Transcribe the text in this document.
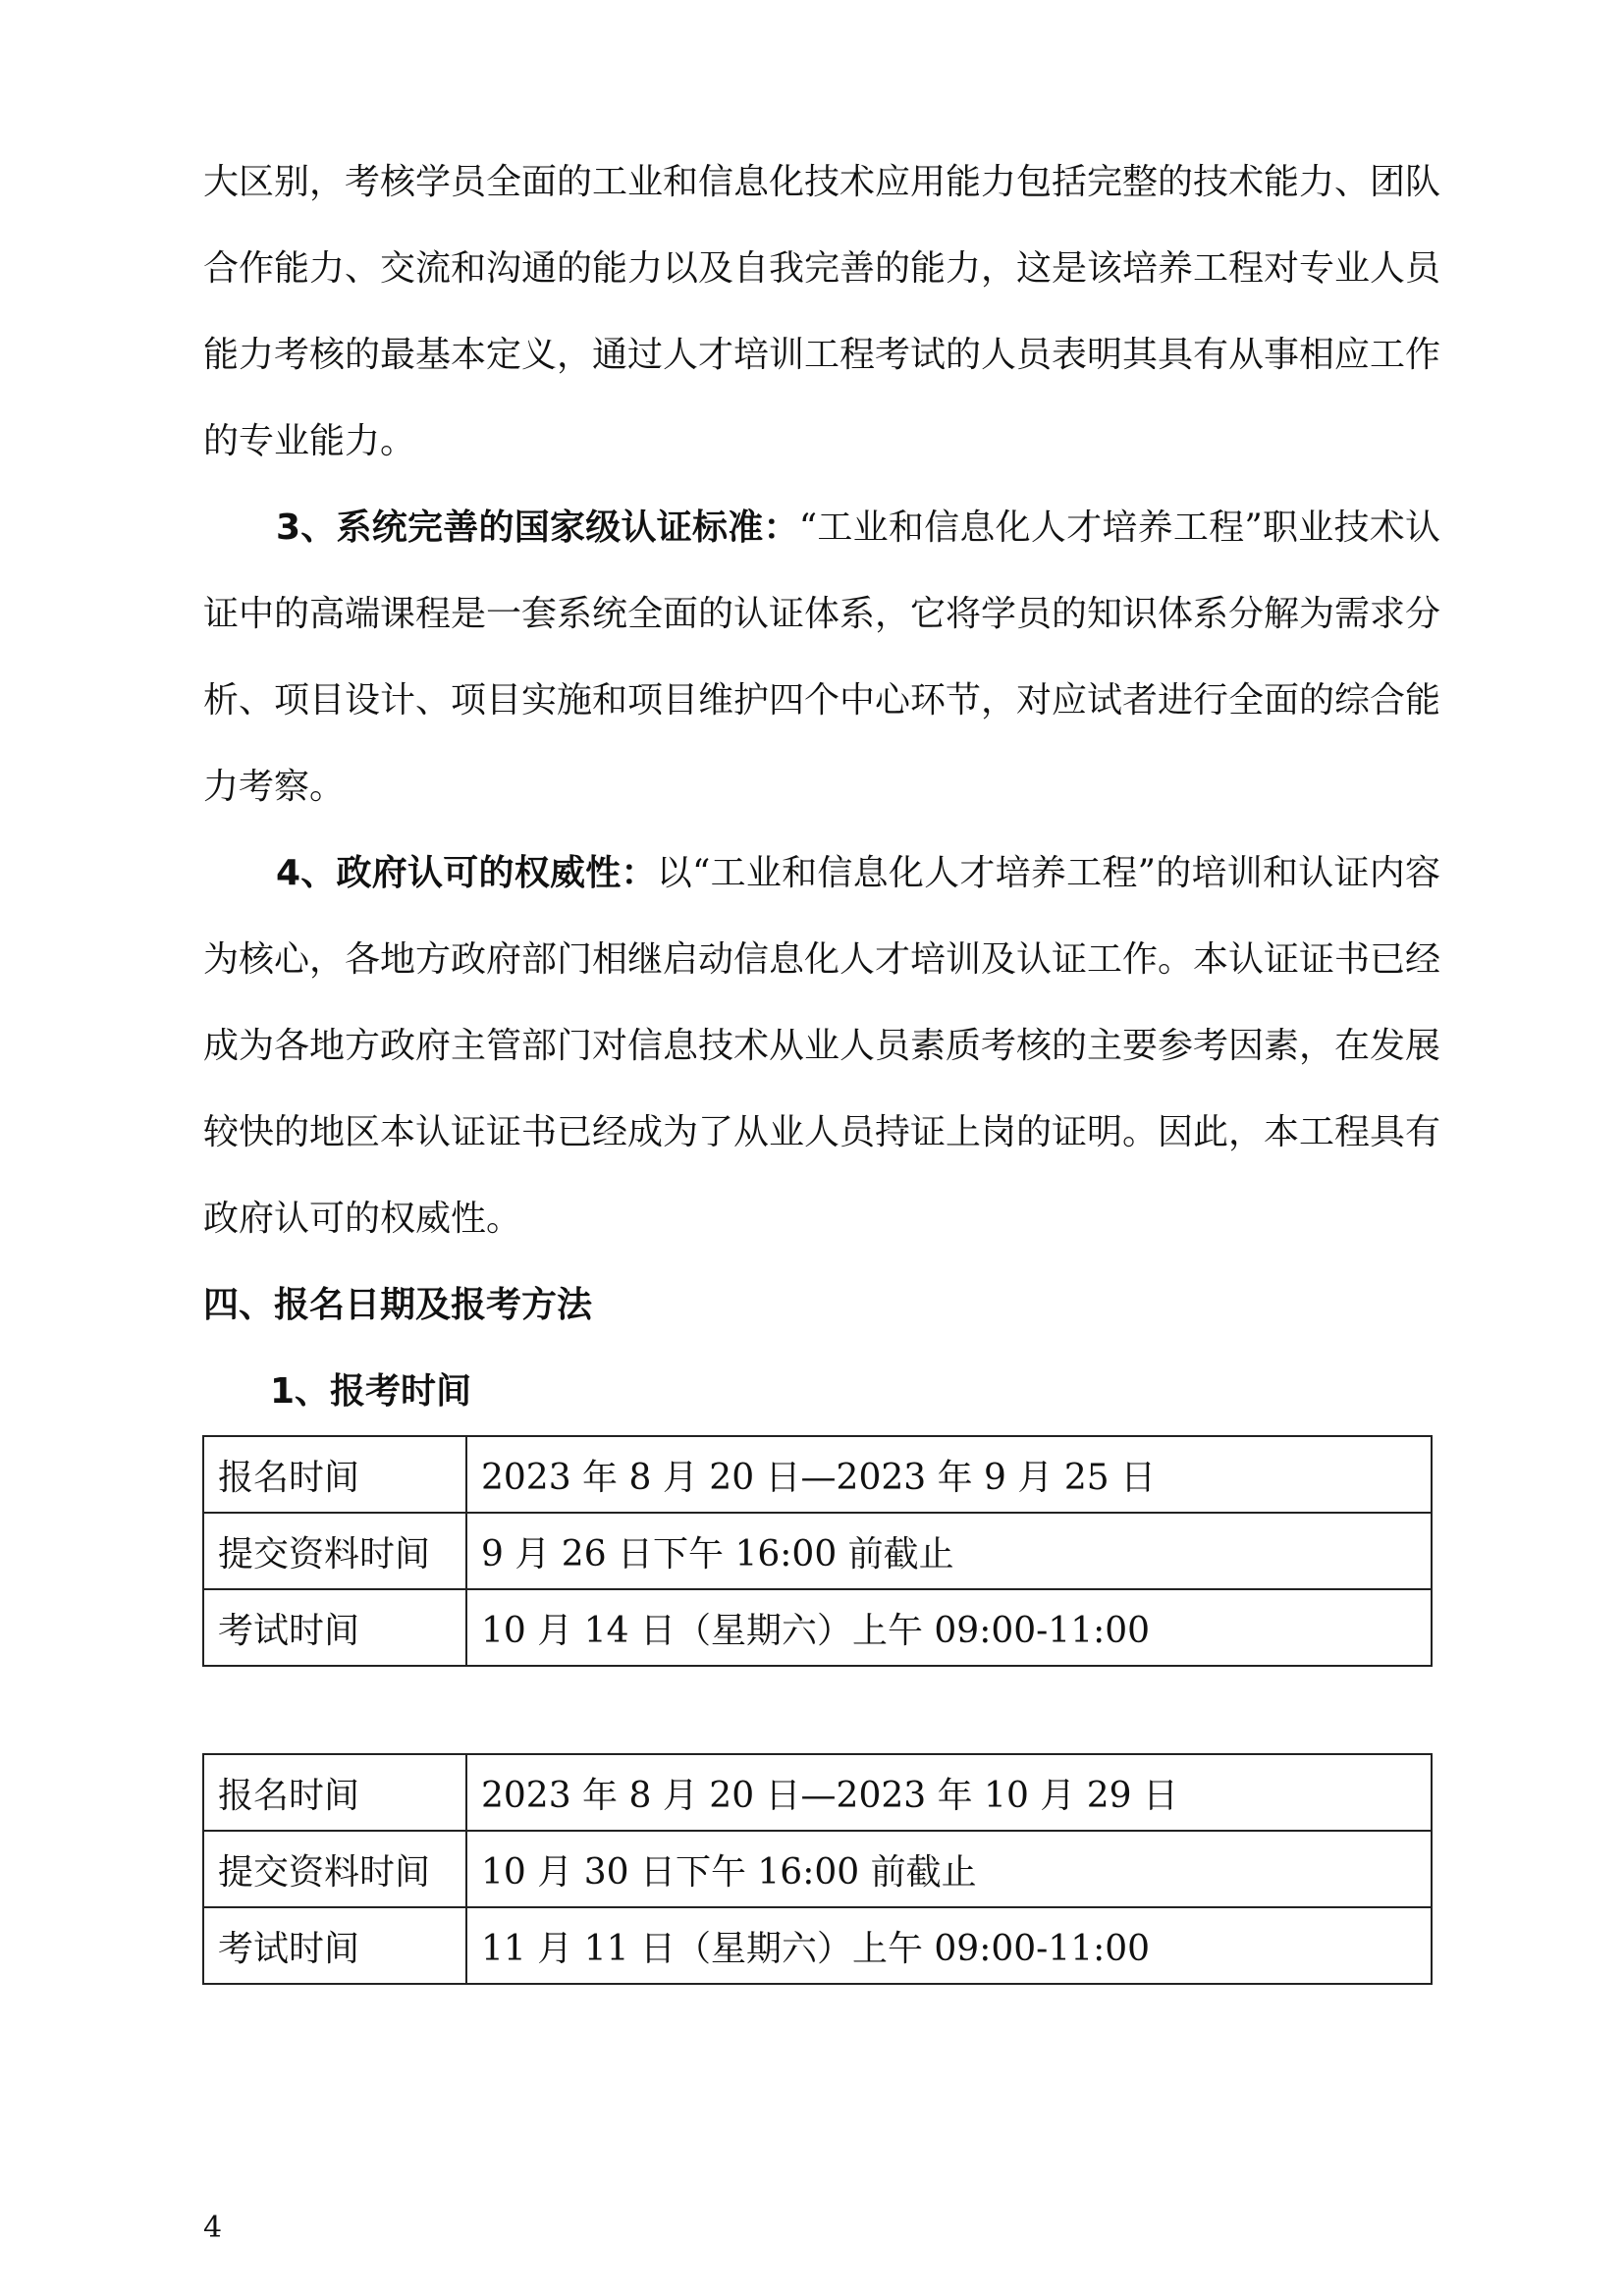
大区别，考核学员全面的工业和信息化技术应用能力包括完整的技术能力、团队合作能力、交流和沟通的能力以及自我完善的能力，这是该培养工程对专业人员能力考核的最基本定义，通过人才培训工程考试的人员表明其具有从事相应工作的专业能力。

3、系统完善的国家级认证标准：“工业和信息化人才培养工程”职业技术认证中的高端课程是一套系统全面的认证体系，它将学员的知识体系分解为需求分析、项目设计、项目实施和项目维护四个中心环节，对应试者进行全面的综合能力考察。

4、政府认可的权威性：以“工业和信息化人才培养工程”的培训和认证内容为核心，各地方政府部门相继启动信息化人才培训及认证工作。本认证证书已经成为各地方政府主管部门对信息技术从业人员素质考核的主要参考因素，在发展较快的地区本认证证书已经成为了从业人员持证上岗的证明。因此，本工程具有政府认可的权威性。

四、报名日期及报考方法
1、报考时间
报名时间	2023 年 8 月 20 日—2023 年 9 月 25 日
提交资料时间	9 月 26 日下午 16:00 前截止
考试时间	10 月 14 日（星期六）上午 09:00-11:00
报名时间	2023 年 8 月 20 日—2023 年 10 月 29 日
提交资料时间	10 月 30 日下午 16:00 前截止
考试时间	11 月 11 日（星期六）上午 09:00-11:00
4
